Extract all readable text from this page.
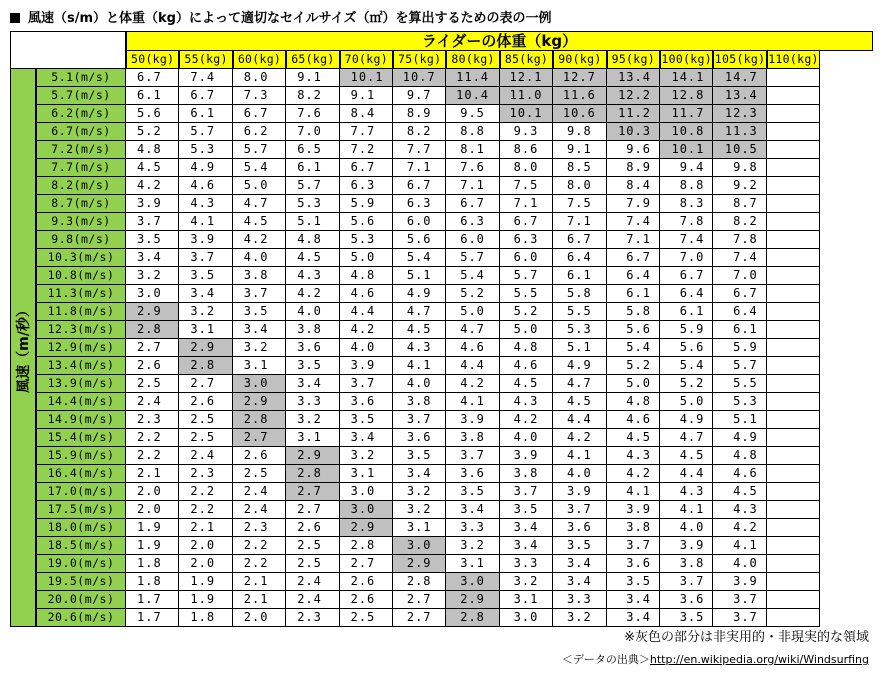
風速（s/m）と体重（kg）によって適切なセイルサイズ（㎡）を算出するための表の一例
ライダーの体重（kg）
風速（m/秒）
50(kg) 55(kg) 60(kg) 65(kg) 70(kg) 75(kg) 80(kg) 85(kg) 90(kg) 95(kg) 100(kg) 105(kg) 110(kg)
5.1(m/s)	6.7	7.4	8.0	9.1	10.1	10.7	11.4	12.1	12.7	13.4	14.1	14.7
5.7(m/s)	6.1	6.7	7.3	8.2	9.1	9.7	10.4	11.0	11.6	12.2	12.8	13.4
6.2(m/s)	5.6	6.1	6.7	7.6	8.4	8.9	9.5	10.1	10.6	11.2	11.7	12.3
6.7(m/s)	5.2	5.7	6.2	7.0	7.7	8.2	8.8	9.3	9.8	10.3	10.8	11.3
7.2(m/s)	4.8	5.3	5.7	6.5	7.2	7.7	8.1	8.6	9.1	9.6	10.1	10.5
7.7(m/s)	4.5	4.9	5.4	6.1	6.7	7.1	7.6	8.0	8.5	8.9	9.4	9.8
8.2(m/s)	4.2	4.6	5.0	5.7	6.3	6.7	7.1	7.5	8.0	8.4	8.8	9.2
8.7(m/s)	3.9	4.3	4.7	5.3	5.9	6.3	6.7	7.1	7.5	7.9	8.3	8.7
9.3(m/s)	3.7	4.1	4.5	5.1	5.6	6.0	6.3	6.7	7.1	7.4	7.8	8.2
9.8(m/s)	3.5	3.9	4.2	4.8	5.3	5.6	6.0	6.3	6.7	7.1	7.4	7.8
10.3(m/s)	3.4	3.7	4.0	4.5	5.0	5.4	5.7	6.0	6.4	6.7	7.0	7.4
10.8(m/s)	3.2	3.5	3.8	4.3	4.8	5.1	5.4	5.7	6.1	6.4	6.7	7.0
11.3(m/s)	3.0	3.4	3.7	4.2	4.6	4.9	5.2	5.5	5.8	6.1	6.4	6.7
11.8(m/s)	2.9	3.2	3.5	4.0	4.4	4.7	5.0	5.2	5.5	5.8	6.1	6.4
12.3(m/s)	2.8	3.1	3.4	3.8	4.2	4.5	4.7	5.0	5.3	5.6	5.9	6.1
12.9(m/s)	2.7	2.9	3.2	3.6	4.0	4.3	4.6	4.8	5.1	5.4	5.6	5.9
13.4(m/s)	2.6	2.8	3.1	3.5	3.9	4.1	4.4	4.6	4.9	5.2	5.4	5.7
13.9(m/s)	2.5	2.7	3.0	3.4	3.7	4.0	4.2	4.5	4.7	5.0	5.2	5.5
14.4(m/s)	2.4	2.6	2.9	3.3	3.6	3.8	4.1	4.3	4.5	4.8	5.0	5.3
14.9(m/s)	2.3	2.5	2.8	3.2	3.5	3.7	3.9	4.2	4.4	4.6	4.9	5.1
15.4(m/s)	2.2	2.5	2.7	3.1	3.4	3.6	3.8	4.0	4.2	4.5	4.7	4.9
15.9(m/s)	2.2	2.4	2.6	2.9	3.2	3.5	3.7	3.9	4.1	4.3	4.5	4.8
16.4(m/s)	2.1	2.3	2.5	2.8	3.1	3.4	3.6	3.8	4.0	4.2	4.4	4.6
17.0(m/s)	2.0	2.2	2.4	2.7	3.0	3.2	3.5	3.7	3.9	4.1	4.3	4.5
17.5(m/s)	2.0	2.2	2.4	2.7	3.0	3.2	3.4	3.5	3.7	3.9	4.1	4.3
18.0(m/s)	1.9	2.1	2.3	2.6	2.9	3.1	3.3	3.4	3.6	3.8	4.0	4.2
18.5(m/s)	1.9	2.0	2.2	2.5	2.8	3.0	3.2	3.4	3.5	3.7	3.9	4.1
19.0(m/s)	1.8	2.0	2.2	2.5	2.7	2.9	3.1	3.3	3.4	3.6	3.8	4.0
19.5(m/s)	1.8	1.9	2.1	2.4	2.6	2.8	3.0	3.2	3.4	3.5	3.7	3.9
20.0(m/s)	1.7	1.9	2.1	2.4	2.6	2.7	2.9	3.1	3.3	3.4	3.6	3.7
20.6(m/s)	1.7	1.8	2.0	2.3	2.5	2.7	2.8	3.0	3.2	3.4	3.5	3.7
※灰色の部分は非実用的・非現実的な領域
＜データの出典＞http://en.wikipedia.org/wiki/Windsurfing
